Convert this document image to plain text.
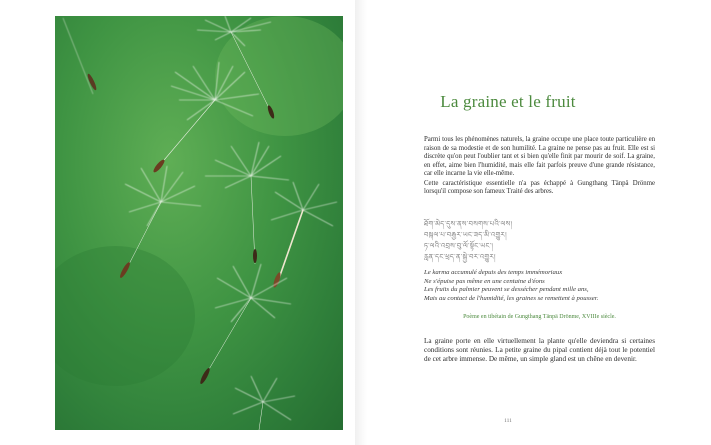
La graine et le fruit

Parmi tous les phénomènes naturels, la graine occupe une place toute particulière en raison de sa modestie et de son humilité. La graine ne pense pas au fruit. Elle est si discrète qu'on peut l'oublier tant et si bien qu'elle finit par mourir de soif. La graine, en effet, aime bien l'humidité, mais elle fait parfois preuve d'une grande résistance, car elle incarne la vie elle-même.

Cette caractéristique essentielle n'a pas échappé à Gungthang Tänpä Drönme lorsqu'il compose son fameux Traité des arbres.

ཐོག་མེད་དུས་ནས་བསགས་པའི་ལས།
བསྐལ་པ་བརྒྱར་ཡང་ཟད་མི་འགྱུར།
ཏ་ལའི་འབྲས་བུ་ལོ་སྟོང་ཡང་།
རླན་དང་ཕྲད་ན་སྐྱེ་བར་འགྱུར།
Le karma accumulé depuis des temps immémoriaux
Ne s'épuise pas même en une centaine d'éons
Les fruits du palmier peuvent se dessécher pendant mille ans,
Mais au contact de l'humidité, les graines se remettent à pousser.
Poème en tibétain de Gungthang Tänpä Drönme, XVIIIe siècle.
La graine porte en elle virtuellement la plante qu'elle deviendra si certaines conditions sont réunies. La petite graine du pipal contient déjà tout le potentiel de cet arbre immense. De même, un simple gland est un chêne en devenir.
111
